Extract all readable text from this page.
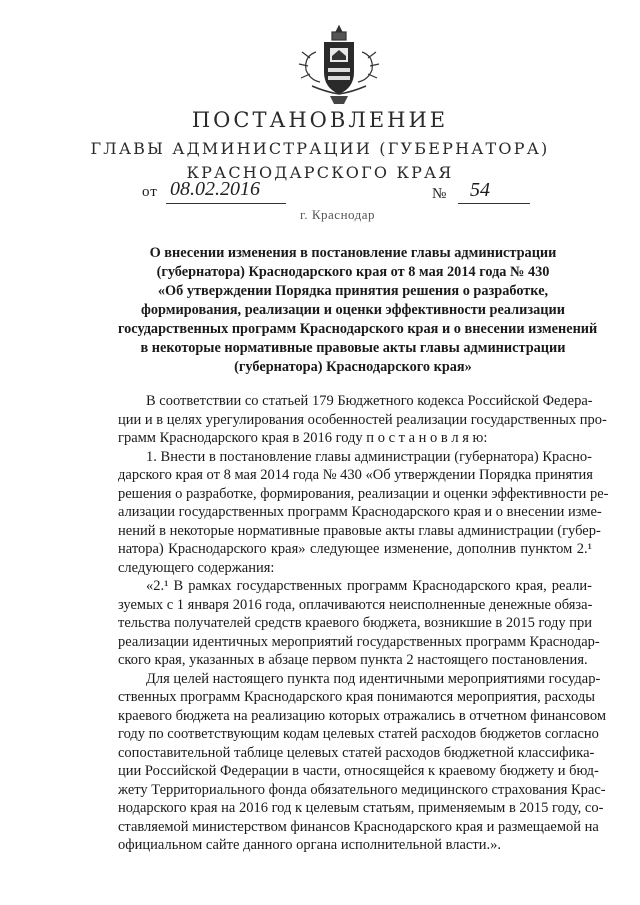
ПОСТАНОВЛЕНИЕ
ГЛАВЫ АДМИНИСТРАЦИИ (ГУБЕРНАТОРА)
КРАСНОДАРСКОГО КРАЯ
от 08.02.2016	№ 54
г. Краснодар
О внесении изменения в постановление главы администрации
(губернатора) Краснодарского края от 8 мая 2014 года № 430
«Об утверждении Порядка принятия решения о разработке,
формирования, реализации и оценки эффективности реализации
государственных программ Краснодарского края и о внесении изменений
в некоторые нормативные правовые акты главы администрации
(губернатора) Краснодарского края»
В соответствии со статьей 179 Бюджетного кодекса Российской Федера-
ции и в целях урегулирования особенностей реализации государственных про-
грамм Краснодарского края в 2016 году п о с т а н о в л я ю:
1. Внести в постановление главы администрации (губернатора) Красно-
дарского края от 8 мая 2014 года № 430 «Об утверждении Порядка принятия
решения о разработке, формирования, реализации и оценки эффективности ре-
ализации государственных программ Краснодарского края и о внесении изме-
нений в некоторые нормативные правовые акты главы администрации (губер-
натора) Краснодарского края» следующее изменение, дополнив пунктом 2.¹
следующего содержания:
«2.¹ В рамках государственных программ Краснодарского края, реали-
зуемых с 1 января 2016 года, оплачиваются неисполненные денежные обяза-
тельства получателей средств краевого бюджета, возникшие в 2015 году при
реализации идентичных мероприятий государственных программ Краснодар-
ского края, указанных в абзаце первом пункта 2 настоящего постановления.
Для целей настоящего пункта под идентичными мероприятиями государ-
ственных программ Краснодарского края понимаются мероприятия, расходы
краевого бюджета на реализацию которых отражались в отчетном финансовом
году по соответствующим кодам целевых статей расходов бюджетов согласно
сопоставительной таблице целевых статей расходов бюджетной классифика-
ции Российской Федерации в части, относящейся к краевому бюджету и бюд-
жету Территориального фонда обязательного медицинского страхования Крас-
нодарского края на 2016 год к целевым статьям, применяемым в 2015 году, со-
ставляемой министерством финансов Краснодарского края и размещаемой на
официальном сайте данного органа исполнительной власти.».
